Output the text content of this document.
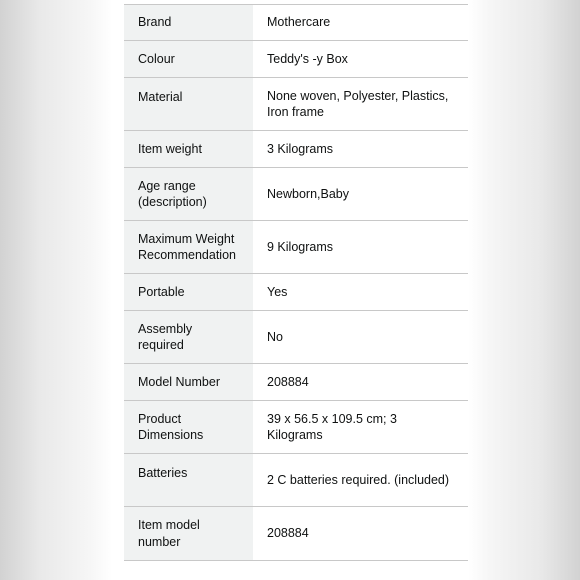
Brand	Mothercare
Colour	Teddy's -y Box
Material	None woven, Polyester, Plastics, Iron frame
Item weight	3 Kilograms
Age range (description)	Newborn,Baby
Maximum Weight Recommendation	9 Kilograms
Portable	Yes
Assembly required	No
Model Number	208884
Product Dimensions	39 x 56.5 x 109.5 cm; 3 Kilograms
Batteries	2 C batteries required. (included)
Item model number	208884
